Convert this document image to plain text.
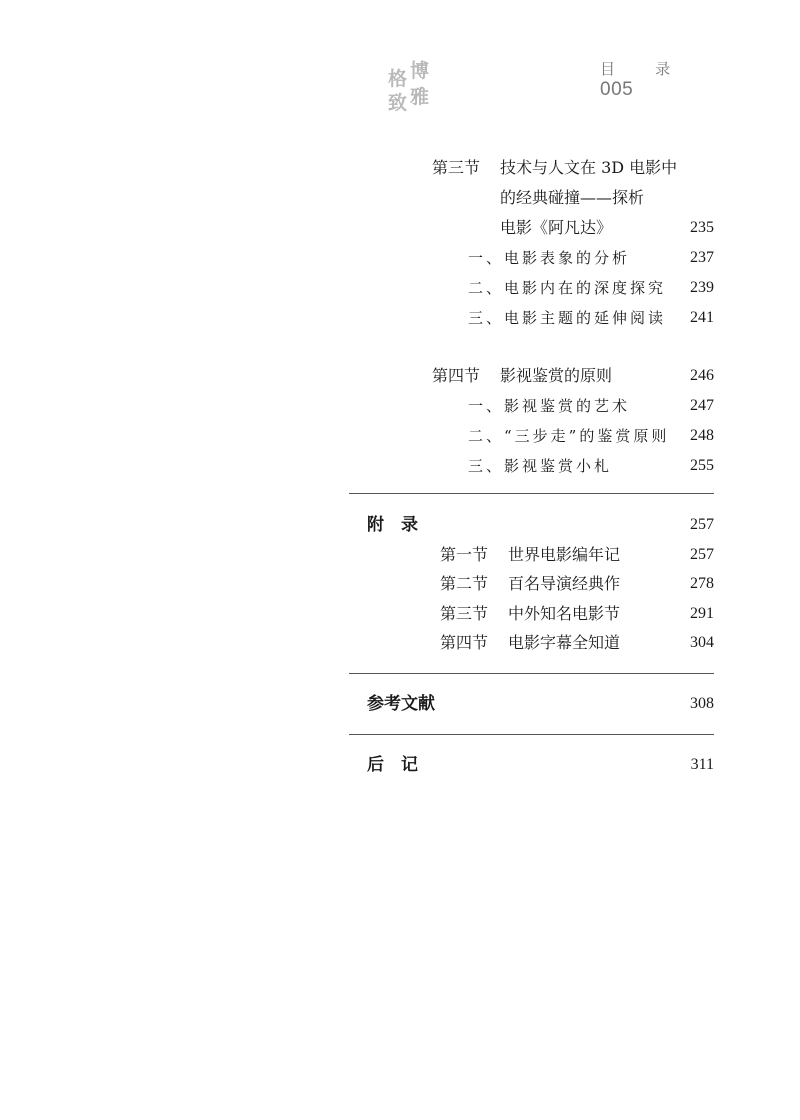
博
雅
格
致
目 录005
第三节 技术与人文在 3D 电影中
的经典碰撞——探析
电影《阿凡达》	235
一、电影表象的分析	237
二、电影内在的深度探究	239
三、电影主题的延伸阅读	241
第四节 影视鉴赏的原则	246
一、影视鉴赏的艺术	247
二、“三步走”的鉴赏原则	248
三、影视鉴赏小札	255
附　录	257
第一节 世界电影编年记	257
第二节 百名导演经典作	278
第三节 中外知名电影节	291
第四节 电影字幕全知道	304
参考文献	308
后　记	311
